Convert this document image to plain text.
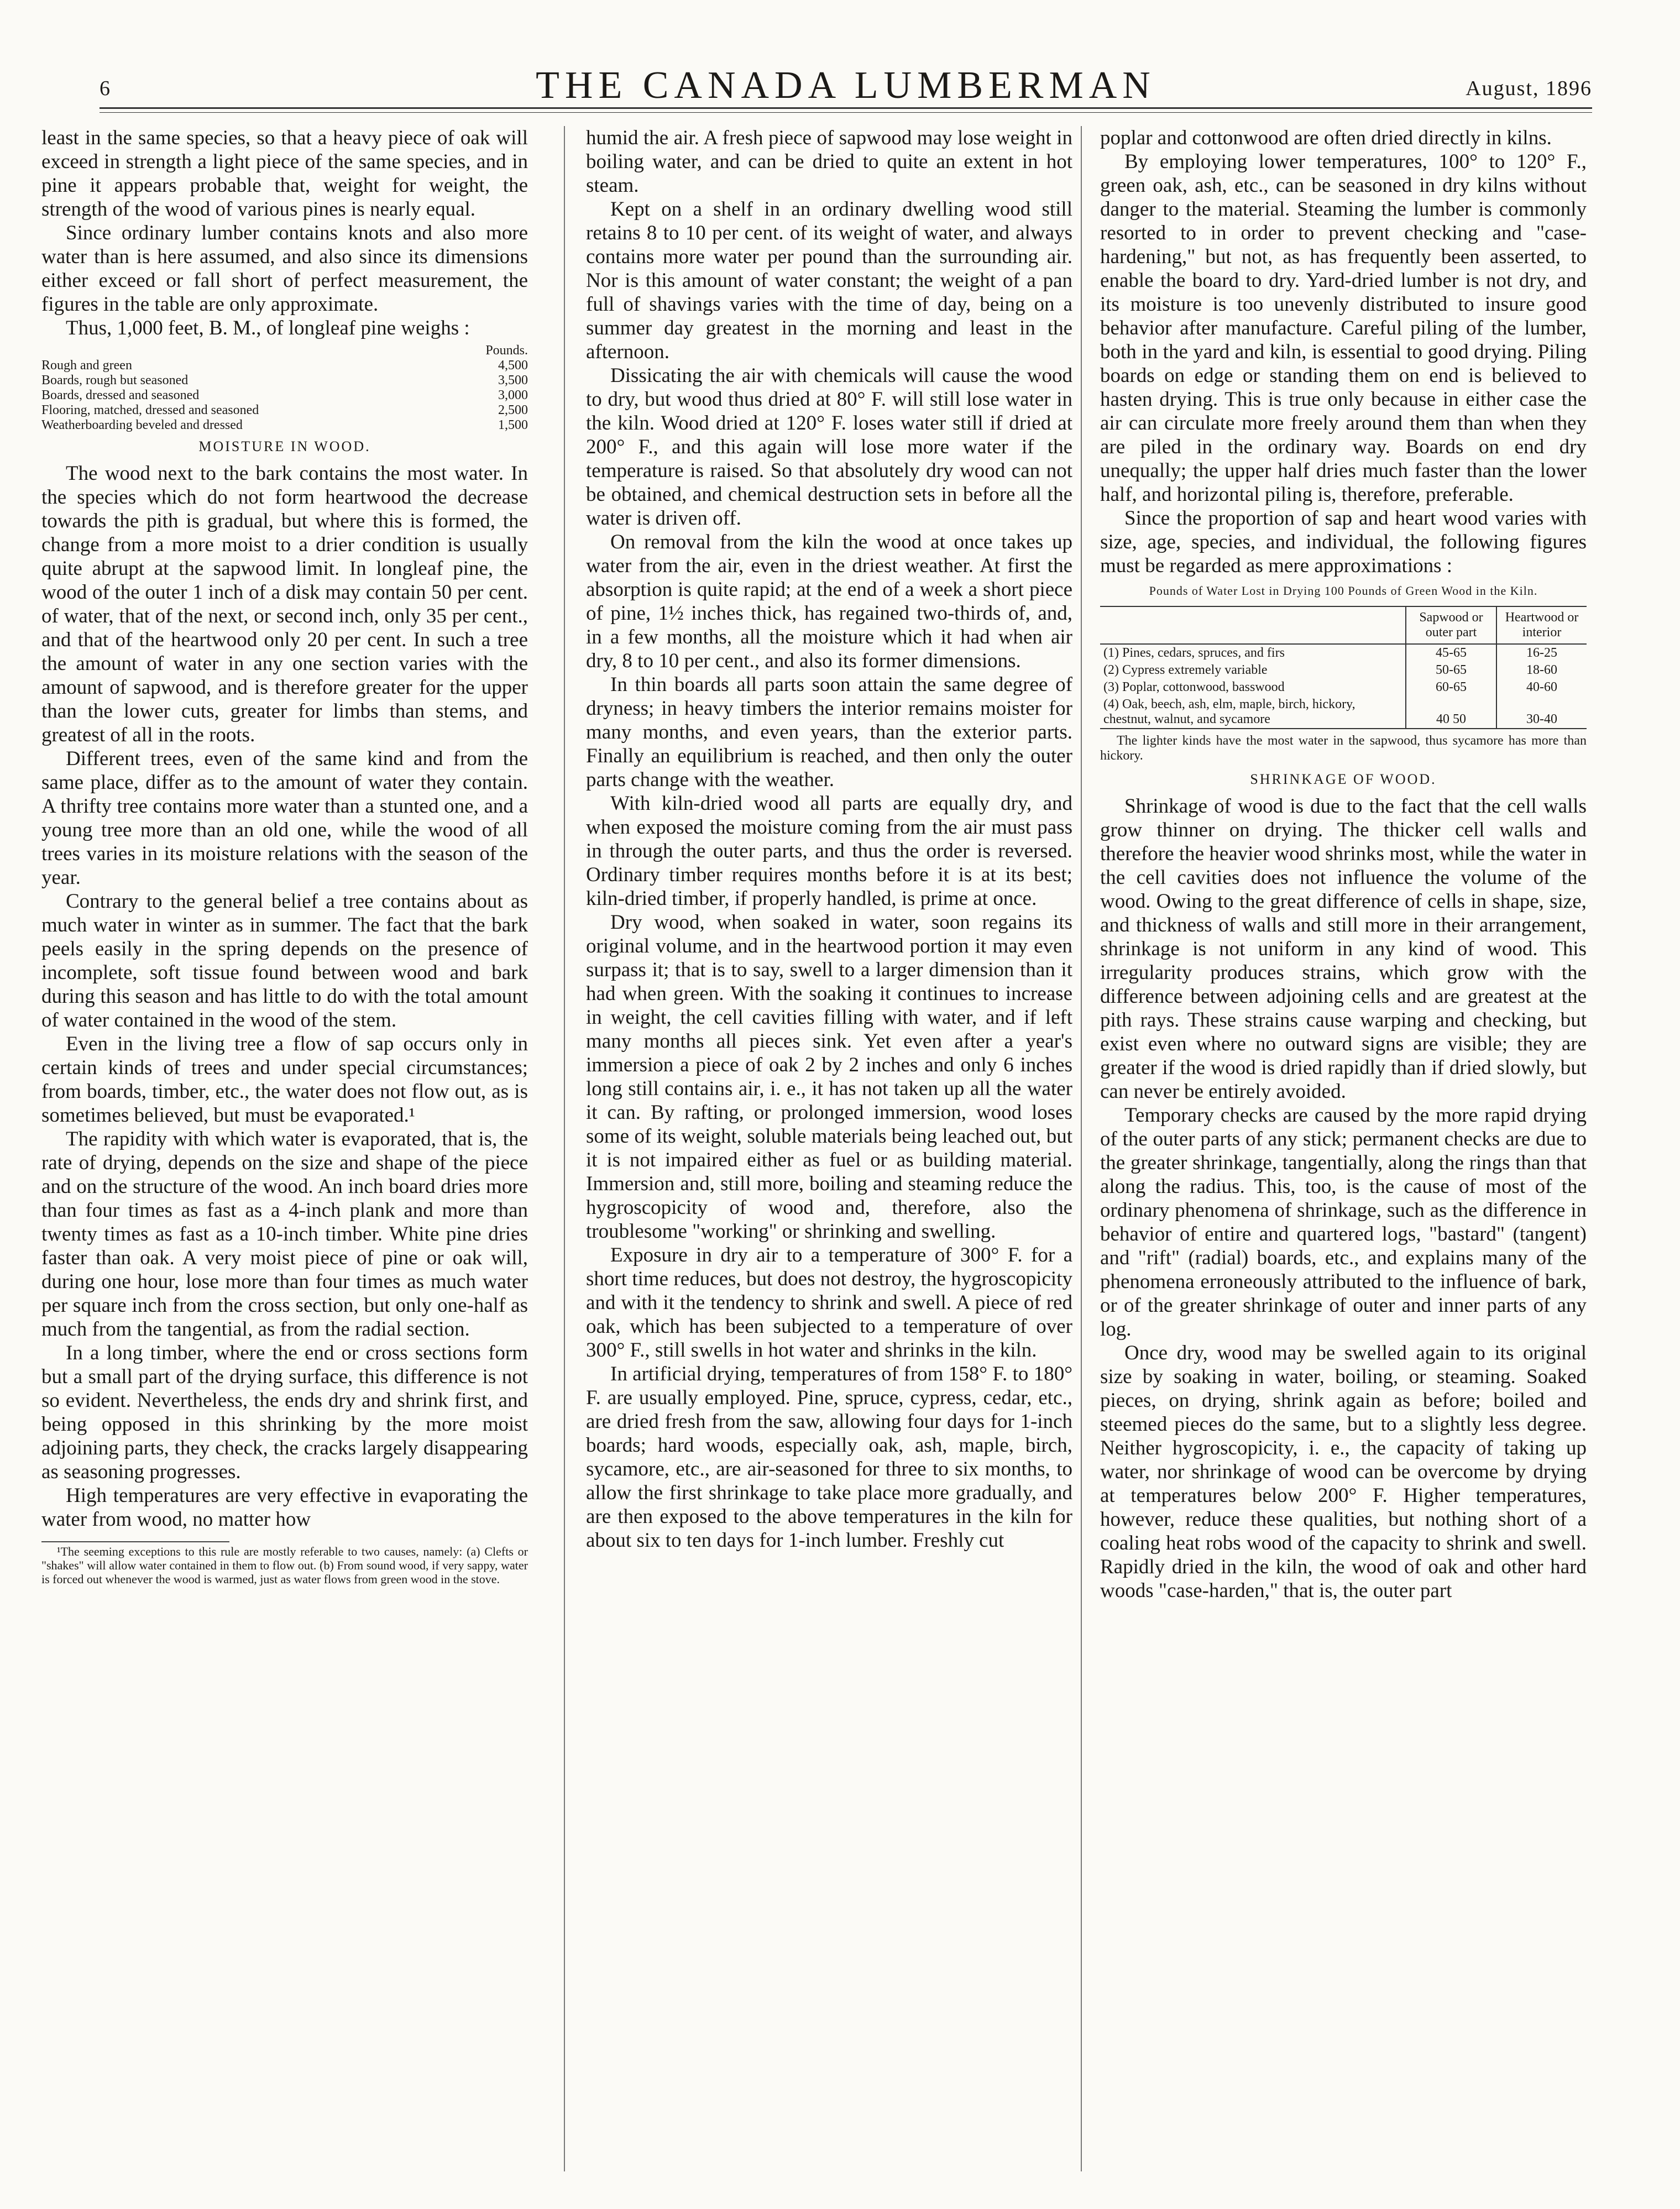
6	THE CANADA LUMBERMAN	August, 1896

least in the same species, so that a heavy piece of oak will exceed in strength a light piece of the same species, and in pine it appears probable that, weight for weight, the strength of the wood of various pines is nearly equal.

Since ordinary lumber contains knots and also more water than is here assumed, and also since its dimensions either exceed or fall short of perfect measurement, the figures in the table are only approximate.

Thus, 1,000 feet, B. M., of longleaf pine weighs :

	Pounds.
Rough and green	4,500
Boards, rough but seasoned	3,500
Boards, dressed and seasoned	3,000
Flooring, matched, dressed and seasoned	2,500
Weatherboarding beveled and dressed	1,500
MOISTURE IN WOOD.

The wood next to the bark contains the most water. In the species which do not form heartwood the decrease towards the pith is gradual, but where this is formed, the change from a more moist to a drier condition is usually quite abrupt at the sapwood limit. In longleaf pine, the wood of the outer 1 inch of a disk may contain 50 per cent. of water, that of the next, or second inch, only 35 per cent., and that of the heartwood only 20 per cent. In such a tree the amount of water in any one section varies with the amount of sapwood, and is therefore greater for the upper than the lower cuts, greater for limbs than stems, and greatest of all in the roots.

Different trees, even of the same kind and from the same place, differ as to the amount of water they contain. A thrifty tree contains more water than a stunted one, and a young tree more than an old one, while the wood of all trees varies in its moisture relations with the season of the year.

Contrary to the general belief a tree contains about as much water in winter as in summer. The fact that the bark peels easily in the spring depends on the presence of incomplete, soft tissue found between wood and bark during this season and has little to do with the total amount of water contained in the wood of the stem.

Even in the living tree a flow of sap occurs only in certain kinds of trees and under special circumstances; from boards, timber, etc., the water does not flow out, as is sometimes believed, but must be evaporated.¹

The rapidity with which water is evaporated, that is, the rate of drying, depends on the size and shape of the piece and on the structure of the wood. An inch board dries more than four times as fast as a 4-inch plank and more than twenty times as fast as a 10-inch timber. White pine dries faster than oak. A very moist piece of pine or oak will, during one hour, lose more than four times as much water per square inch from the cross section, but only one-half as much from the tangential, as from the radial section.

In a long timber, where the end or cross sections form but a small part of the drying surface, this difference is not so evident. Nevertheless, the ends dry and shrink first, and being opposed in this shrinking by the more moist adjoining parts, they check, the cracks largely disappearing as seasoning progresses.

High temperatures are very effective in evaporating the water from wood, no matter how

¹The seeming exceptions to this rule are mostly referable to two causes, namely: (a) Clefts or "shakes" will allow water contained in them to flow out. (b) From sound wood, if very sappy, water is forced out whenever the wood is warmed, just as water flows from green wood in the stove.

humid the air. A fresh piece of sapwood may lose weight in boiling water, and can be dried to quite an extent in hot steam.

Kept on a shelf in an ordinary dwelling wood still retains 8 to 10 per cent. of its weight of water, and always contains more water per pound than the surrounding air. Nor is this amount of water constant; the weight of a pan full of shavings varies with the time of day, being on a summer day greatest in the morning and least in the afternoon.

Dissicating the air with chemicals will cause the wood to dry, but wood thus dried at 80° F. will still lose water in the kiln. Wood dried at 120° F. loses water still if dried at 200° F., and this again will lose more water if the temperature is raised. So that absolutely dry wood can not be obtained, and chemical destruction sets in before all the water is driven off.

On removal from the kiln the wood at once takes up water from the air, even in the driest weather. At first the absorption is quite rapid; at the end of a week a short piece of pine, 1½ inches thick, has regained two-thirds of, and, in a few months, all the moisture which it had when air dry, 8 to 10 per cent., and also its former dimensions.

In thin boards all parts soon attain the same degree of dryness; in heavy timbers the interior remains moister for many months, and even years, than the exterior parts. Finally an equilibrium is reached, and then only the outer parts change with the weather.

With kiln-dried wood all parts are equally dry, and when exposed the moisture coming from the air must pass in through the outer parts, and thus the order is reversed. Ordinary timber requires months before it is at its best; kiln-dried timber, if properly handled, is prime at once.

Dry wood, when soaked in water, soon regains its original volume, and in the heartwood portion it may even surpass it; that is to say, swell to a larger dimension than it had when green. With the soaking it continues to increase in weight, the cell cavities filling with water, and if left many months all pieces sink. Yet even after a year's immersion a piece of oak 2 by 2 inches and only 6 inches long still contains air, i. e., it has not taken up all the water it can. By rafting, or prolonged immersion, wood loses some of its weight, soluble materials being leached out, but it is not impaired either as fuel or as building material. Immersion and, still more, boiling and steaming reduce the hygroscopicity of wood and, therefore, also the troublesome "working" or shrinking and swelling.

Exposure in dry air to a temperature of 300° F. for a short time reduces, but does not destroy, the hygroscopicity and with it the tendency to shrink and swell. A piece of red oak, which has been subjected to a temperature of over 300° F., still swells in hot water and shrinks in the kiln.

In artificial drying, temperatures of from 158° F. to 180° F. are usually employed. Pine, spruce, cypress, cedar, etc., are dried fresh from the saw, allowing four days for 1-inch boards; hard woods, especially oak, ash, maple, birch, sycamore, etc., are air-seasoned for three to six months, to allow the first shrinkage to take place more gradually, and are then exposed to the above temperatures in the kiln for about six to ten days for 1-inch lumber. Freshly cut

poplar and cottonwood are often dried directly in kilns.

By employing lower temperatures, 100° to 120° F., green oak, ash, etc., can be seasoned in dry kilns without danger to the material. Steaming the lumber is commonly resorted to in order to prevent checking and "case-hardening," but not, as has frequently been asserted, to enable the board to dry. Yard-dried lumber is not dry, and its moisture is too unevenly distributed to insure good behavior after manufacture. Careful piling of the lumber, both in the yard and kiln, is essential to good drying. Piling boards on edge or standing them on end is believed to hasten drying. This is true only because in either case the air can circulate more freely around them than when they are piled in the ordinary way. Boards on end dry unequally; the upper half dries much faster than the lower half, and horizontal piling is, therefore, preferable.

Since the proportion of sap and heart wood varies with size, age, species, and individual, the following figures must be regarded as mere approximations :

Pounds of Water Lost in Drying 100 Pounds of Green Wood in the Kiln.
	Sapwood or outer part	Heartwood or interior
(1) Pines, cedars, spruces, and firs	45-65	16-25
(2) Cypress extremely variable	50-65	18-60
(3) Poplar, cottonwood, basswood	60-65	40-60
(4) Oak, beech, ash, elm, maple, birch, hickory, chestnut, walnut, and sycamore	40 50	30-40
The lighter kinds have the most water in the sapwood, thus sycamore has more than hickory.
SHRINKAGE OF WOOD.

Shrinkage of wood is due to the fact that the cell walls grow thinner on drying. The thicker cell walls and therefore the heavier wood shrinks most, while the water in the cell cavities does not influence the volume of the wood. Owing to the great difference of cells in shape, size, and thickness of walls and still more in their arrangement, shrinkage is not uniform in any kind of wood. This irregularity produces strains, which grow with the difference between adjoining cells and are greatest at the pith rays. These strains cause warping and checking, but exist even where no outward signs are visible; they are greater if the wood is dried rapidly than if dried slowly, but can never be entirely avoided.

Temporary checks are caused by the more rapid drying of the outer parts of any stick; permanent checks are due to the greater shrinkage, tangentially, along the rings than that along the radius. This, too, is the cause of most of the ordinary phenomena of shrinkage, such as the difference in behavior of entire and quartered logs, "bastard" (tangent) and "rift" (radial) boards, etc., and explains many of the phenomena erroneously attributed to the influence of bark, or of the greater shrinkage of outer and inner parts of any log.

Once dry, wood may be swelled again to its original size by soaking in water, boiling, or steaming. Soaked pieces, on drying, shrink again as before; boiled and steemed pieces do the same, but to a slightly less degree. Neither hygroscopicity, i. e., the capacity of taking up water, nor shrinkage of wood can be overcome by drying at temperatures below 200° F. Higher temperatures, however, reduce these qualities, but nothing short of a coaling heat robs wood of the capacity to shrink and swell. Rapidly dried in the kiln, the wood of oak and other hard woods "case-harden," that is, the outer part
